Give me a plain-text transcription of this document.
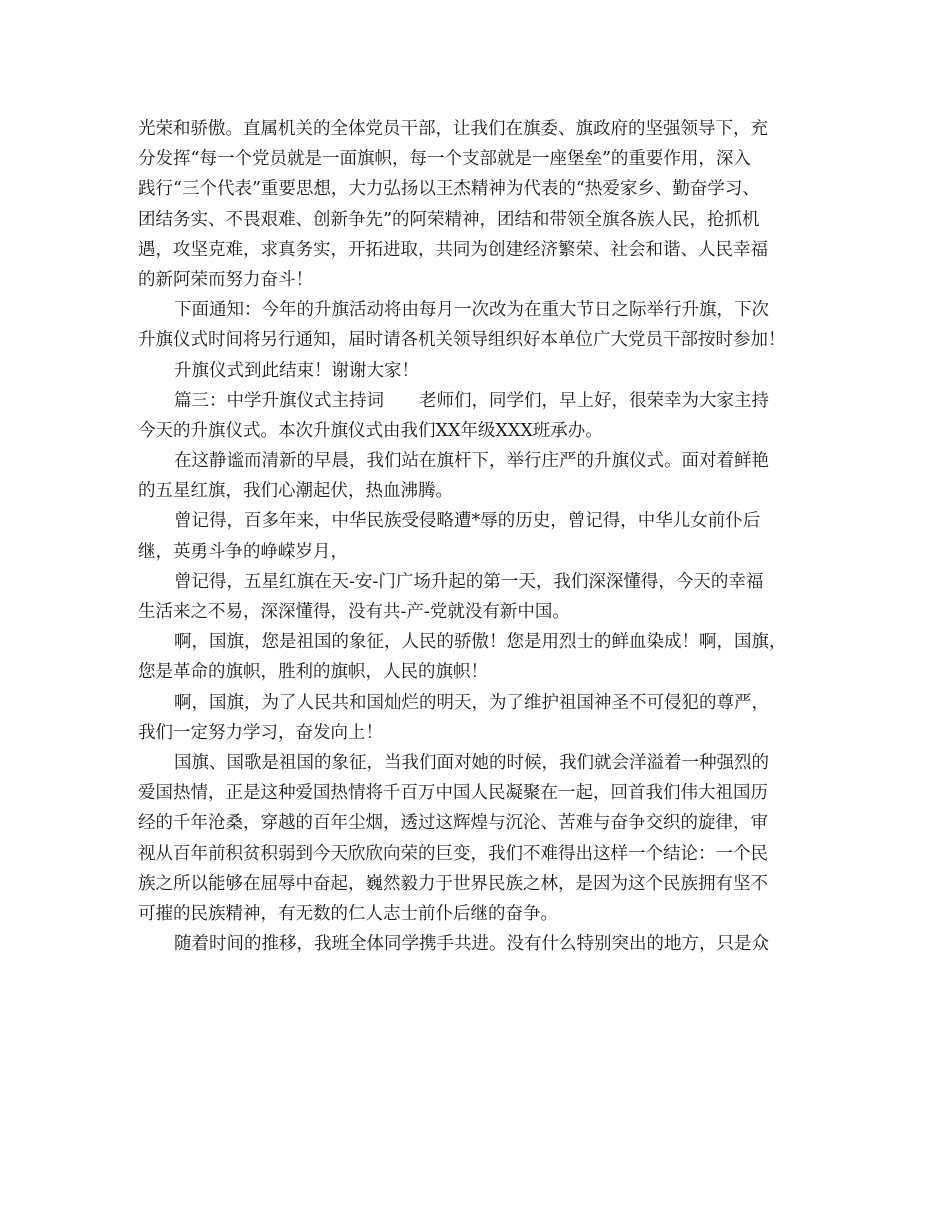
光荣和骄傲。直属机关的全体党员干部，让我们在旗委、旗政府的坚强领导下，充
分发挥“每一个党员就是一面旗帜，每一个支部就是一座堡垒”的重要作用，深入
践行“三个代表”重要思想，大力弘扬以王杰精神为代表的“热爱家乡、勤奋学习、
团结务实、不畏艰难、创新争先”的阿荣精神，团结和带领全旗各族人民，抢抓机
遇，攻坚克难，求真务实，开拓进取，共同为创建经济繁荣、社会和谐、人民幸福
的新阿荣而努力奋斗！
下面通知：今年的升旗活动将由每月一次改为在重大节日之际举行升旗，下次
升旗仪式时间将另行通知，届时请各机关领导组织好本单位广大党员干部按时参加！
升旗仪式到此结束！谢谢大家！
篇三：中学升旗仪式主持词　　老师们，同学们，早上好，很荣幸为大家主持
今天的升旗仪式。本次升旗仪式由我们XX年级XXX班承办。
在这静谧而清新的早晨，我们站在旗杆下，举行庄严的升旗仪式。面对着鲜艳
的五星红旗，我们心潮起伏，热血沸腾。
曾记得，百多年来，中华民族受侵略遭*辱的历史，曾记得，中华儿女前仆后
继，英勇斗争的峥嵘岁月，
曾记得，五星红旗在天-安-门广场升起的第一天，我们深深懂得，今天的幸福
生活来之不易，深深懂得，没有共-产-党就没有新中国。
啊，国旗，您是祖国的象征，人民的骄傲！您是用烈士的鲜血染成！啊，国旗，
您是革命的旗帜，胜利的旗帜，人民的旗帜！
啊，国旗，为了人民共和国灿烂的明天，为了维护祖国神圣不可侵犯的尊严，
我们一定努力学习，奋发向上！
国旗、国歌是祖国的象征，当我们面对她的时候，我们就会洋溢着一种强烈的
爱国热情，正是这种爱国热情将千百万中国人民凝聚在一起，回首我们伟大祖国历
经的千年沧桑，穿越的百年尘烟，透过这辉煌与沉沦、苦难与奋争交织的旋律，审
视从百年前积贫积弱到今天欣欣向荣的巨变，我们不难得出这样一个结论：一个民
族之所以能够在屈辱中奋起，巍然毅力于世界民族之林，是因为这个民族拥有坚不
可摧的民族精神，有无数的仁人志士前仆后继的奋争。
随着时间的推移，我班全体同学携手共进。没有什么特别突出的地方，只是众
